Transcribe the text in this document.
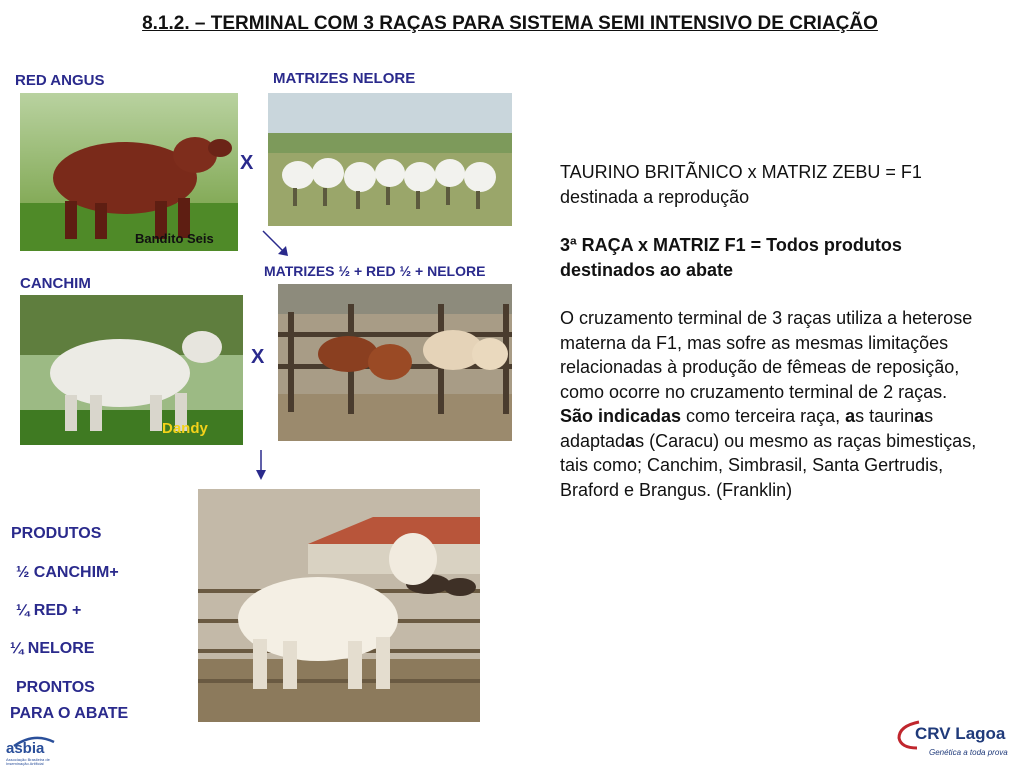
8.1.2. – TERMINAL COM 3 RAÇAS PARA SISTEMA SEMI INTENSIVO DE CRIAÇÃO
RED ANGUS	MATRIZES NELORE
Bandito Seis
X
X
CANCHIM
MATRIZES ½ + RED ½ + NELORE
Dandy

TAURINO BRITÃNICO x MATRIZ ZEBU = F1 destinada a reprodução

3ª RAÇA x MATRIZ F1 = Todos produtos destinados ao abate

O cruzamento terminal de 3 raças utiliza a heterose materna da F1, mas sofre as mesmas limitações relacionadas à produção de fêmeas de reposição, como ocorre no cruzamento terminal de 2 raças. São indicadas como terceira raça, as taurinas adaptadas (Caracu) ou mesmo as raças bimestiças, tais como; Canchim, Simbrasil, Santa Gertrudis, Braford e Brangus. (Franklin)

PRODUTOS
½ CANCHIM+
¼ RED +
¼ NELORE
PRONTOS
PARA O ABATE
asbia
Associação Brasileira de Inseminação Artificial
CRV Lagoa
Genética a toda prova
